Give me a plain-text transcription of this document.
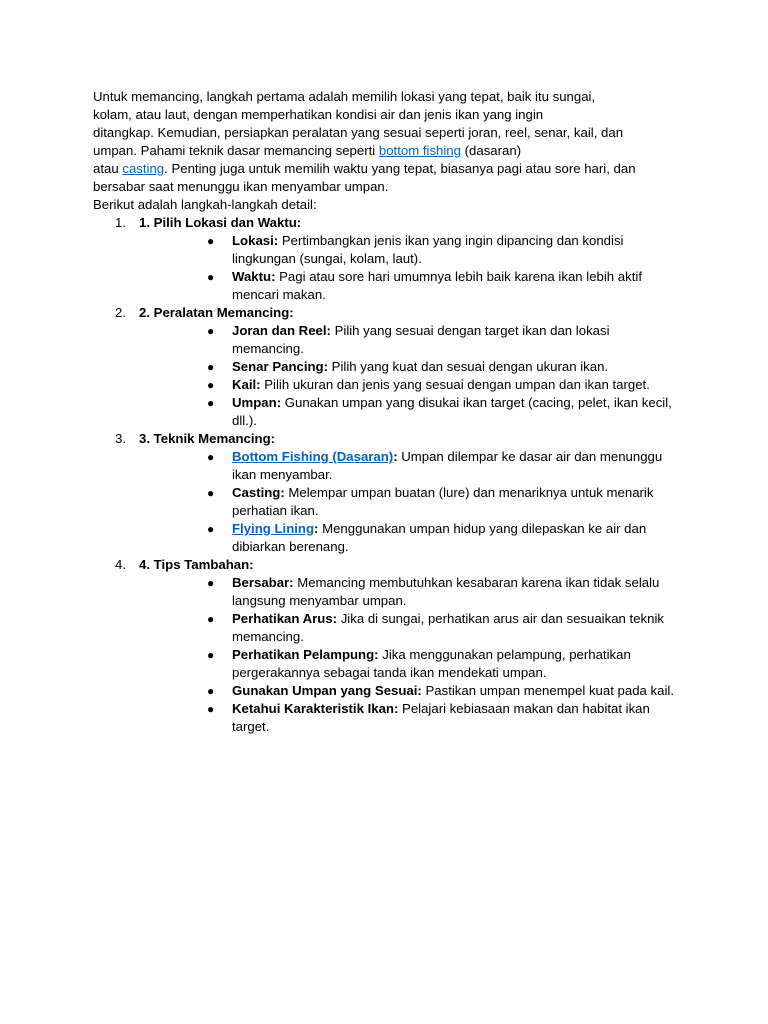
Untuk memancing, langkah pertama adalah memilih lokasi yang tepat, baik itu sungai,
kolam, atau laut, dengan memperhatikan kondisi air dan jenis ikan yang ingin
ditangkap. Kemudian, persiapkan peralatan yang sesuai seperti joran, reel, senar, kail, dan
umpan. Pahami teknik dasar memancing seperti bottom fishing (dasaran)
atau casting. Penting juga untuk memilih waktu yang tepat, biasanya pagi atau sore hari, dan
bersabar saat menunggu ikan menyambar umpan.

Berikut adalah langkah-langkah detail:

1. 1. Pilih Lokasi dan Waktu:
● Lokasi: Pertimbangkan jenis ikan yang ingin dipancing dan kondisi lingkungan (sungai, kolam, laut).
● Waktu: Pagi atau sore hari umumnya lebih baik karena ikan lebih aktif mencari makan.
2. 2. Peralatan Memancing:
● Joran dan Reel: Pilih yang sesuai dengan target ikan dan lokasi memancing.
● Senar Pancing: Pilih yang kuat dan sesuai dengan ukuran ikan.
● Kail: Pilih ukuran dan jenis yang sesuai dengan umpan dan ikan target.
● Umpan: Gunakan umpan yang disukai ikan target (cacing, pelet, ikan kecil, dll.).
3. 3. Teknik Memancing:
● Bottom Fishing (Dasaran): Umpan dilempar ke dasar air dan menunggu ikan menyambar.
● Casting: Melempar umpan buatan (lure) dan menariknya untuk menarik perhatian ikan.
● Flying Lining: Menggunakan umpan hidup yang dilepaskan ke air dan dibiarkan berenang.
4. 4. Tips Tambahan:
● Bersabar: Memancing membutuhkan kesabaran karena ikan tidak selalu langsung menyambar umpan.
● Perhatikan Arus: Jika di sungai, perhatikan arus air dan sesuaikan teknik memancing.
● Perhatikan Pelampung: Jika menggunakan pelampung, perhatikan pergerakannya sebagai tanda ikan mendekati umpan.
● Gunakan Umpan yang Sesuai: Pastikan umpan menempel kuat pada kail.
● Ketahui Karakteristik Ikan: Pelajari kebiasaan makan dan habitat ikan target.
